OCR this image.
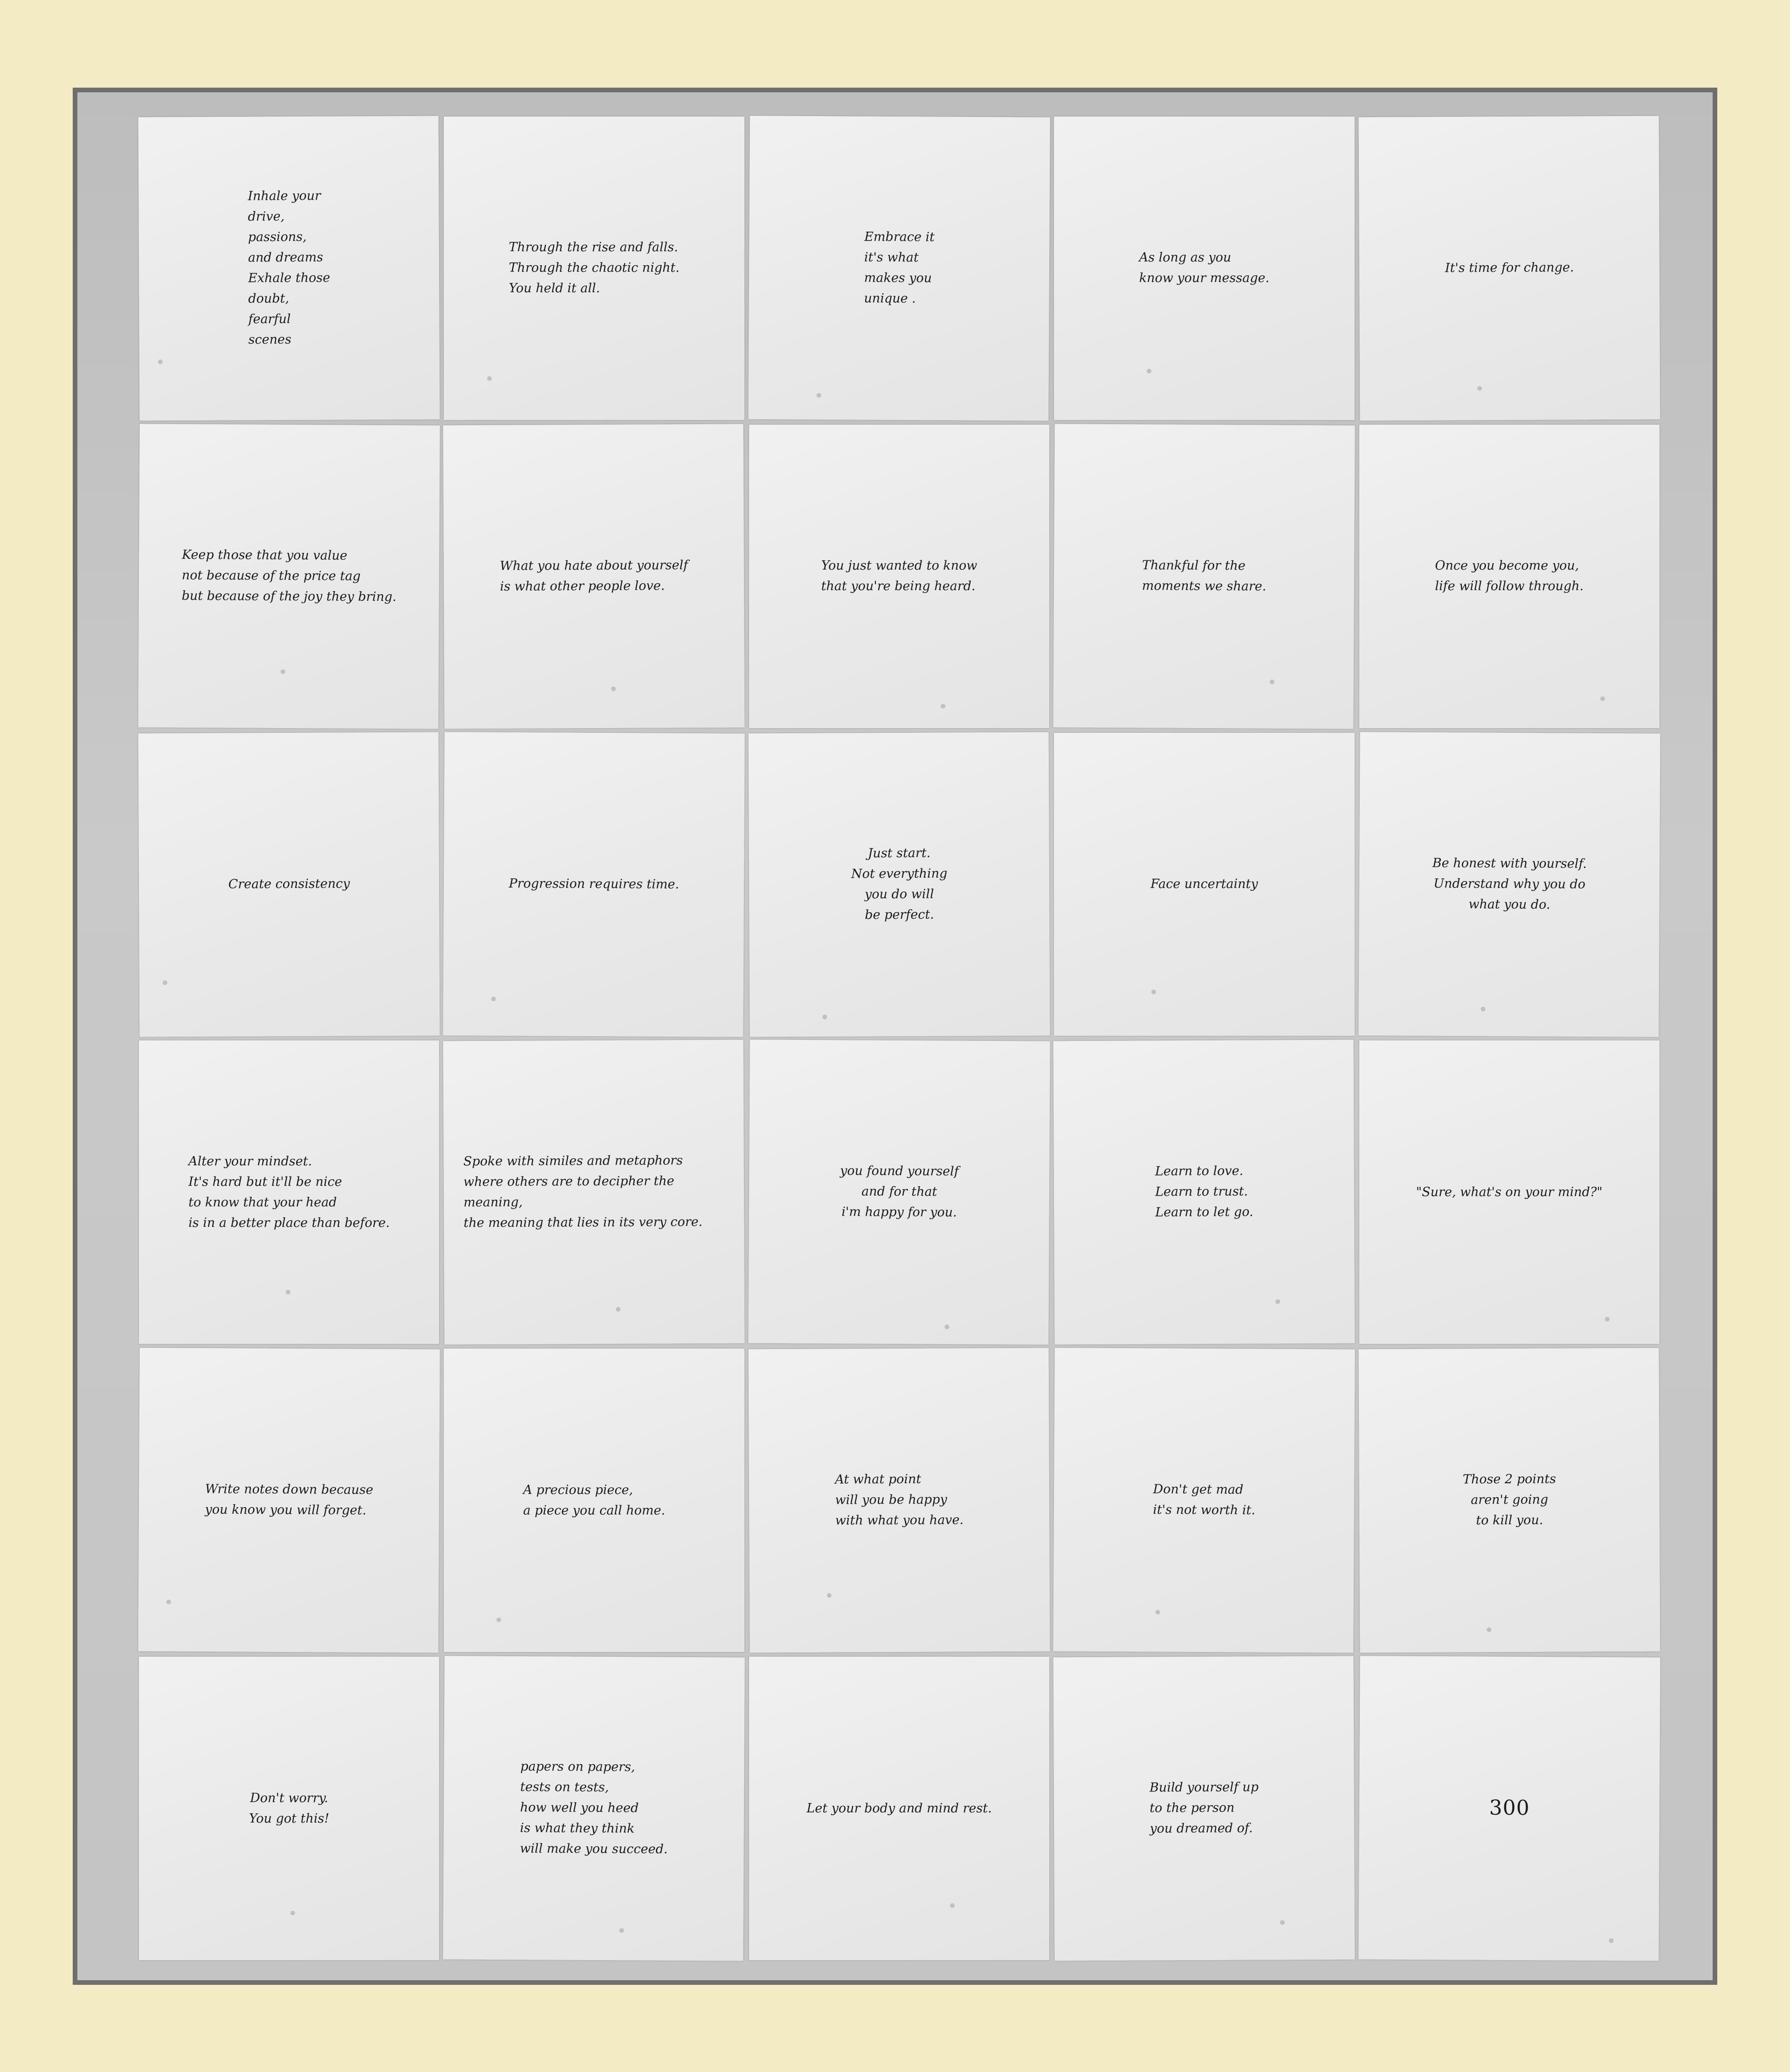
Inhale your
drive,
passions,
and dreams
Exhale those
doubt,
fearful
scenes
Through the rise and falls.
Through the chaotic night.
You held it all.
Embrace it
it's what
makes you
unique .
As long as you
know your message.
It's time for change.
Keep those that you value
not because of the price tag
but because of the joy they bring.
What you hate about yourself
is what other people love.
You just wanted to know
that you're being heard.
Thankful for the
moments we share.
Once you become you,
life will follow through.
Create consistency	Progression requires time.
Just start.
Not everything
you do will
be perfect.
Face uncertainty
Be honest with yourself.
Understand why you do
what you do.
Alter your mindset.
It's hard but it'll be nice
to know that your head
is in a better place than before.
Spoke with similes and metaphors
where others are to decipher the meaning,
the meaning that lies in its very core.
you found yourself
and for that
i'm happy for you.
Learn to love.
Learn to trust.
Learn to let go.
"Sure, what's on your mind?"
Write notes down because
you know you will forget.
A precious piece,
a piece you call home.
At what point
will you be happy
with what you have.
Don't get mad
it's not worth it.
Those 2 points
aren't going
to kill you.
Don't worry.
You got this!
papers on papers,
tests on tests,
how well you heed
is what they think
will make you succeed.
Let your body and mind rest.
Build yourself up
to the person
you dreamed of.
300
